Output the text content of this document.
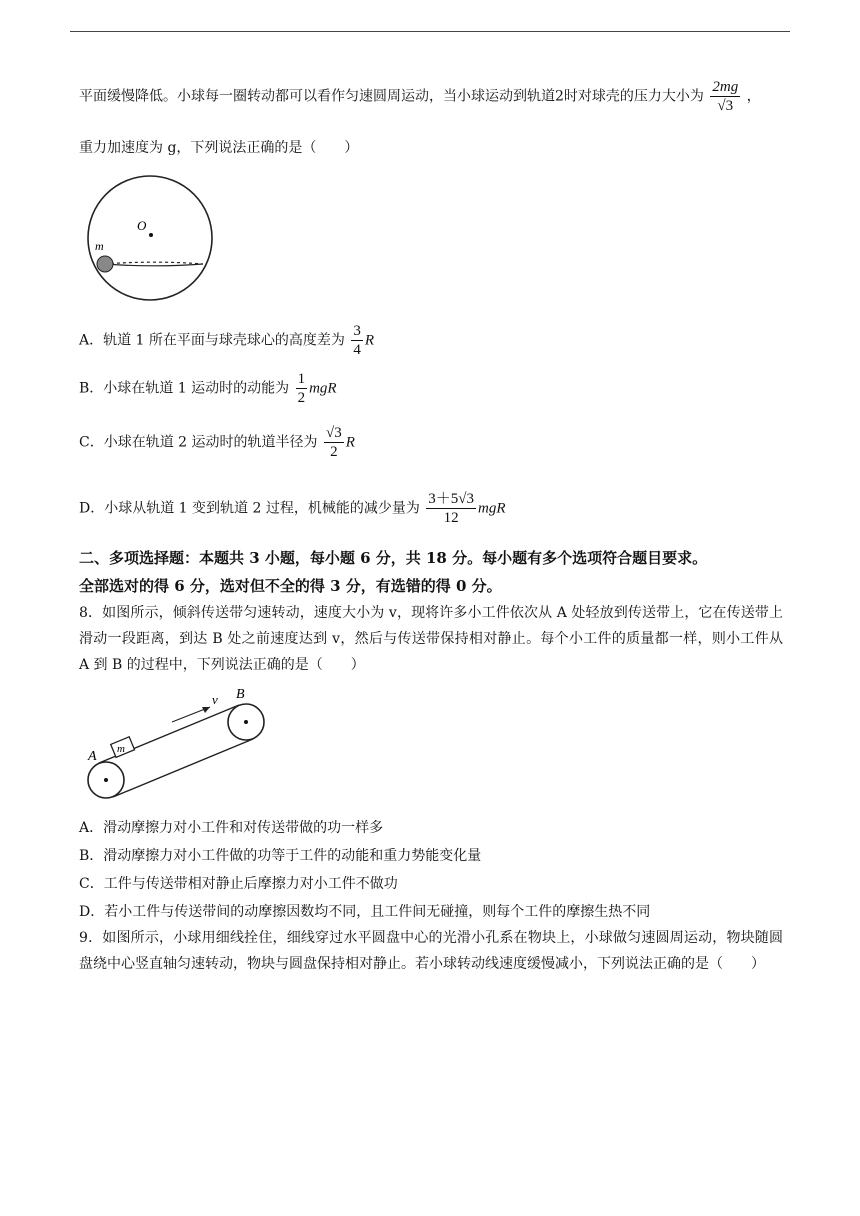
平面缓慢降低。小球每一圈转动都可以看作匀速圆周运动，当小球运动到轨道2时对球壳的压力大小为 $\frac{2mg}{√3}$ ，
重力加速度为 g，下列说法正确的是（　　）
O
m
A．轨道 1 所在平面与球壳球心的高度差为 $\frac{3}{4}$ R
B．小球在轨道 1 运动时的动能为 $\frac{1}{2}$ mgR
C．小球在轨道 2 运动时的轨道半径为 $\frac{√3}{2}$ R
D．小球从轨道 1 变到轨道 2 过程，机械能的减少量为 $\frac{3+5√3}{12}$ mgR
二、多项选择题：本题共 3 小题，每小题 6 分，共 18 分。每小题有多个选项符合题目要求。
全部选对的得 6 分，选对但不全的得 3 分，有选错的得 0 分。
8．如图所示，倾斜传送带匀速转动，速度大小为 v，现将许多小工件依次从 A 处轻放到传送带上，它在传送带上滑动一段距离，到达 B 处之前速度达到 v，然后与传送带保持相对静止。每个小工件的质量都一样，则小工件从 A 到 B 的过程中，下列说法正确的是（　　）
m
v
A
B
A．滑动摩擦力对小工件和对传送带做的功一样多
B．滑动摩擦力对小工件做的功等于工件的动能和重力势能变化量
C．工件与传送带相对静止后摩擦力对小工件不做功
D．若小工件与传送带间的动摩擦因数均不同，且工件间无碰撞，则每个工件的摩擦生热不同
9．如图所示，小球用细线拴住，细线穿过水平圆盘中心的光滑小孔系在物块上，小球做匀速圆周运动，物块随圆盘绕中心竖直轴匀速转动，物块与圆盘保持相对静止。若小球转动线速度缓慢减小，下列说法正确的是（　　）
